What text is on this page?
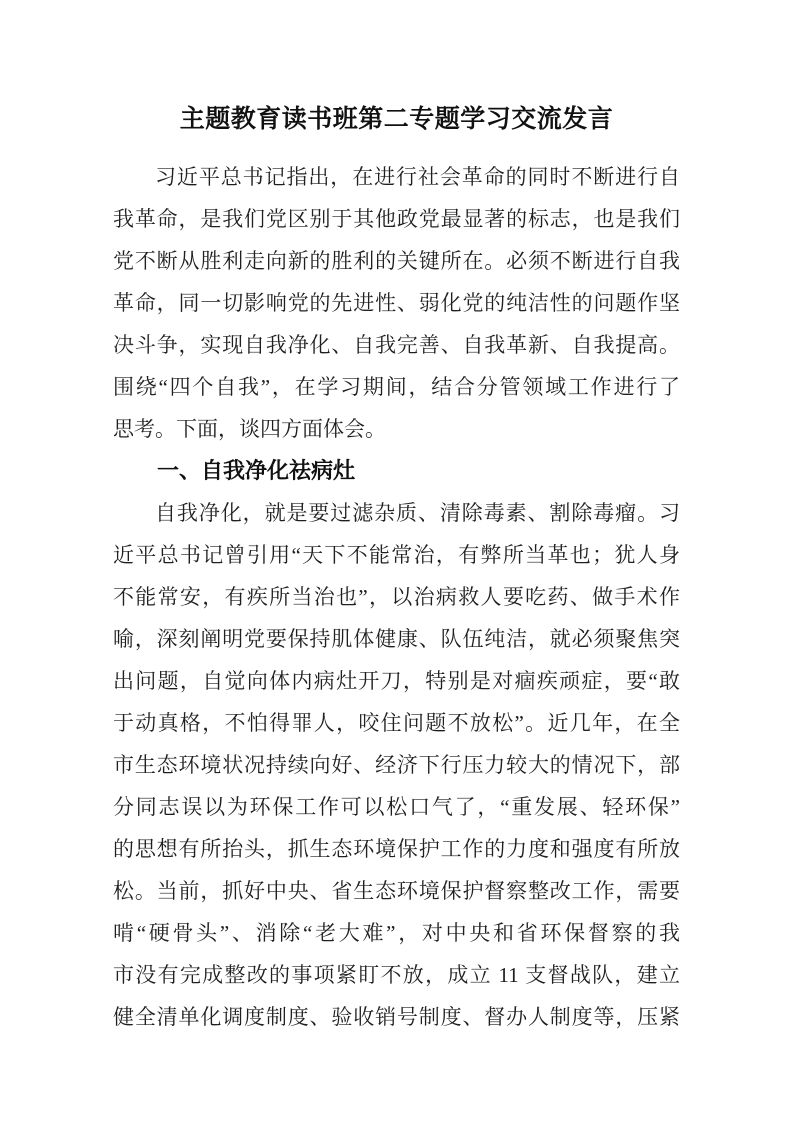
主题教育读书班第二专题学习交流发言
习近平总书记指出，在进行社会革命的同时不断进行自
我革命，是我们党区别于其他政党最显著的标志，也是我们
党不断从胜利走向新的胜利的关键所在。必须不断进行自我
革命，同一切影响党的先进性、弱化党的纯洁性的问题作坚
决斗争，实现自我净化、自我完善、自我革新、自我提高。
围绕“四个自我”，在学习期间，结合分管领域工作进行了
思考。下面，谈四方面体会。
一、自我净化祛病灶
自我净化，就是要过滤杂质、清除毒素、割除毒瘤。习
近平总书记曾引用“天下不能常治，有弊所当革也；犹人身
不能常安，有疾所当治也”，以治病救人要吃药、做手术作
喻，深刻阐明党要保持肌体健康、队伍纯洁，就必须聚焦突
出问题，自觉向体内病灶开刀，特别是对痼疾顽症，要“敢
于动真格，不怕得罪人，咬住问题不放松”。近几年，在全
市生态环境状况持续向好、经济下行压力较大的情况下，部
分同志误以为环保工作可以松口气了，“重发展、轻环保”
的思想有所抬头，抓生态环境保护工作的力度和强度有所放
松。当前，抓好中央、省生态环境保护督察整改工作，需要
啃“硬骨头”、消除“老大难”，对中央和省环保督察的我
市没有完成整改的事项紧盯不放，成立 11 支督战队，建立
健全清单化调度制度、验收销号制度、督办人制度等，压紧
